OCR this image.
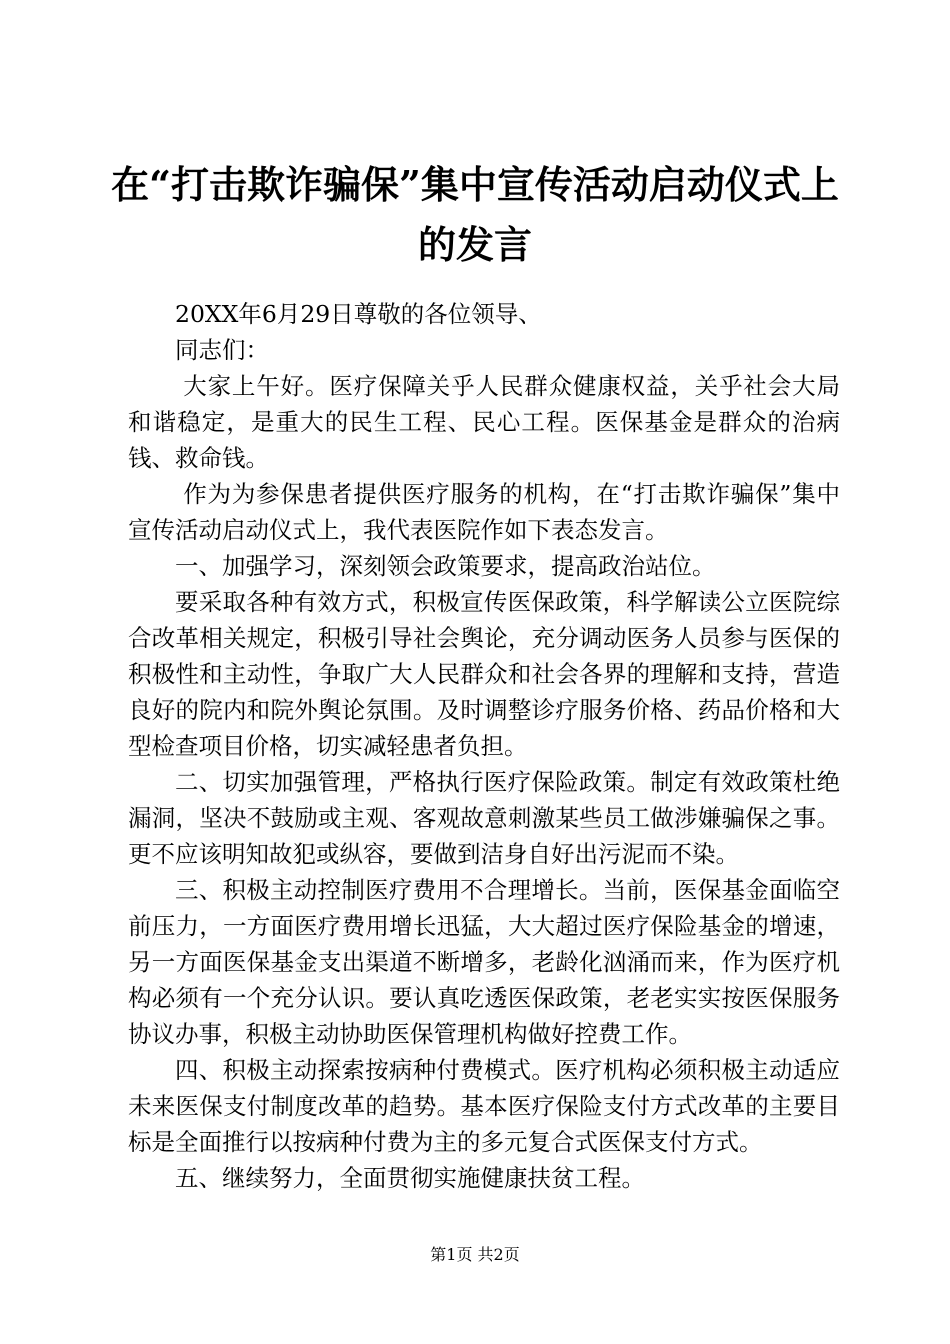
在“打击欺诈骗保”集中宣传活动启动仪式上
的发言

20XX年6月29日尊敬的各位领导、

同志们：

大家上午好。医疗保障关乎人民群众健康权益，关乎社会大局和谐稳定，是重大的民生工程、民心工程。医保基金是群众的治病钱、救命钱。

作为为参保患者提供医疗服务的机构，在“打击欺诈骗保”集中宣传活动启动仪式上，我代表医院作如下表态发言。

一、加强学习，深刻领会政策要求，提高政治站位。

要采取各种有效方式，积极宣传医保政策，科学解读公立医院综合改革相关规定，积极引导社会舆论，充分调动医务人员参与医保的积极性和主动性，争取广大人民群众和社会各界的理解和支持，营造良好的院内和院外舆论氛围。及时调整诊疗服务价格、药品价格和大型检查项目价格，切实减轻患者负担。

二、切实加强管理，严格执行医疗保险政策。制定有效政策杜绝漏洞，坚决不鼓励或主观、客观故意刺激某些员工做涉嫌骗保之事。更不应该明知故犯或纵容，要做到洁身自好出污泥而不染。

三、积极主动控制医疗费用不合理增长。当前，医保基金面临空前压力，一方面医疗费用增长迅猛，大大超过医疗保险基金的增速，另一方面医保基金支出渠道不断增多，老龄化汹涌而来，作为医疗机构必须有一个充分认识。要认真吃透医保政策，老老实实按医保服务协议办事，积极主动协助医保管理机构做好控费工作。

四、积极主动探索按病种付费模式。医疗机构必须积极主动适应未来医保支付制度改革的趋势。基本医疗保险支付方式改革的主要目标是全面推行以按病种付费为主的多元复合式医保支付方式。

五、继续努力，全面贯彻实施健康扶贫工程。

第1页 共2页
